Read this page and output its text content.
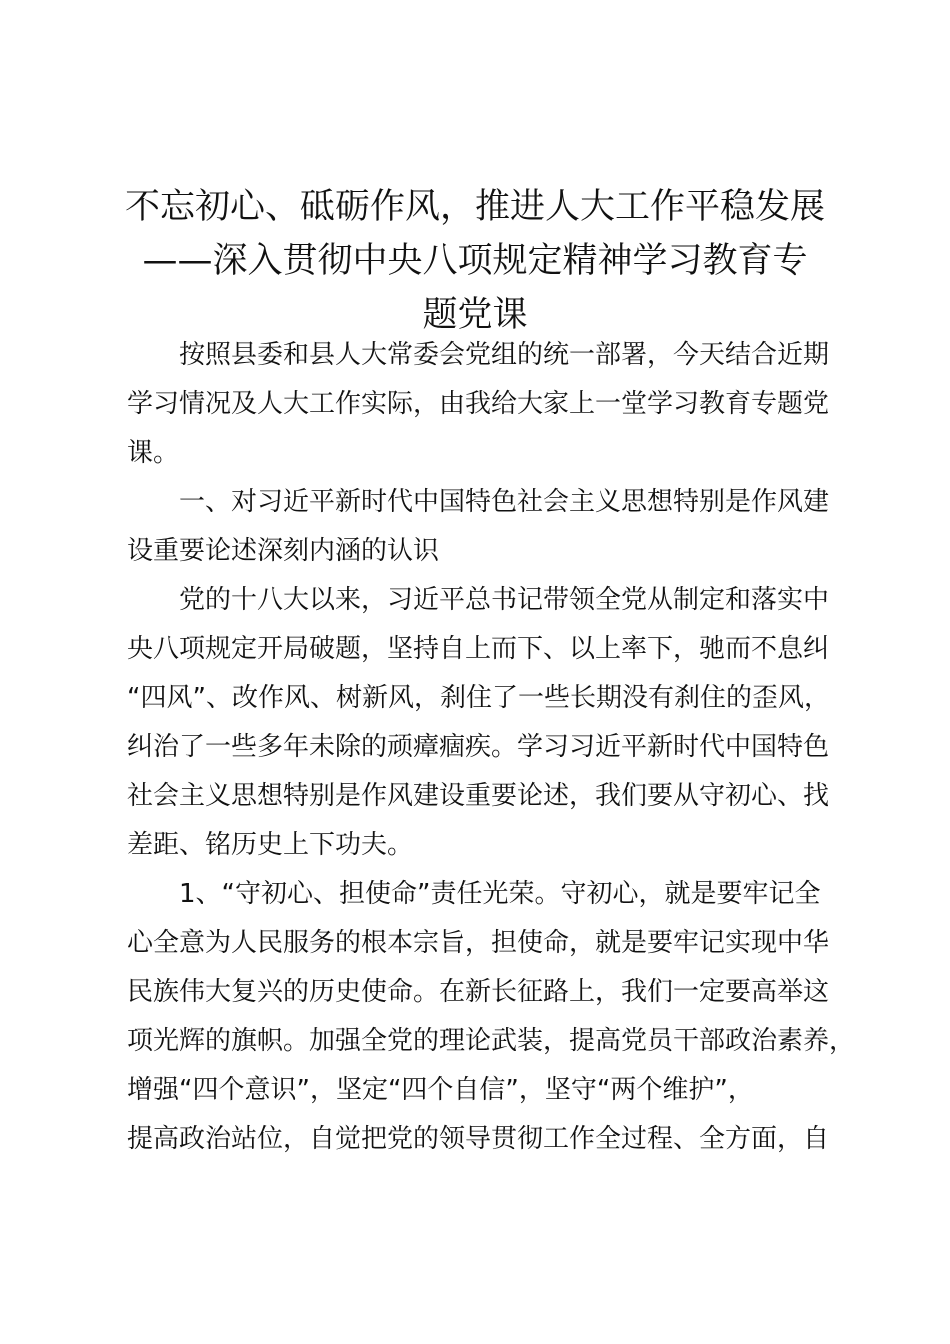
不忘初心、砥砺作风，推进人大工作平稳发展
——深入贯彻中央八项规定精神学习教育专
题党课
按照县委和县人大常委会党组的统一部署，今天结合近期
学习情况及人大工作实际，由我给大家上一堂学习教育专题党
课。
一、对习近平新时代中国特色社会主义思想特别是作风建
设重要论述深刻内涵的认识
党的十八大以来，习近平总书记带领全党从制定和落实中
央八项规定开局破题，坚持自上而下、以上率下，驰而不息纠
“四风”、改作风、树新风，刹住了一些长期没有刹住的歪风，
纠治了一些多年未除的顽瘴痼疾。学习习近平新时代中国特色
社会主义思想特别是作风建设重要论述，我们要从守初心、找
差距、铭历史上下功夫。
1、“守初心、担使命”责任光荣。守初心，就是要牢记全
心全意为人民服务的根本宗旨，担使命，就是要牢记实现中华
民族伟大复兴的历史使命。在新长征路上，我们一定要高举这
项光辉的旗帜。加强全党的理论武装，提高党员干部政治素养，
增强“四个意识”，坚定“四个自信”，坚守“两个维护”，
提高政治站位，自觉把党的领导贯彻工作全过程、全方面，自
